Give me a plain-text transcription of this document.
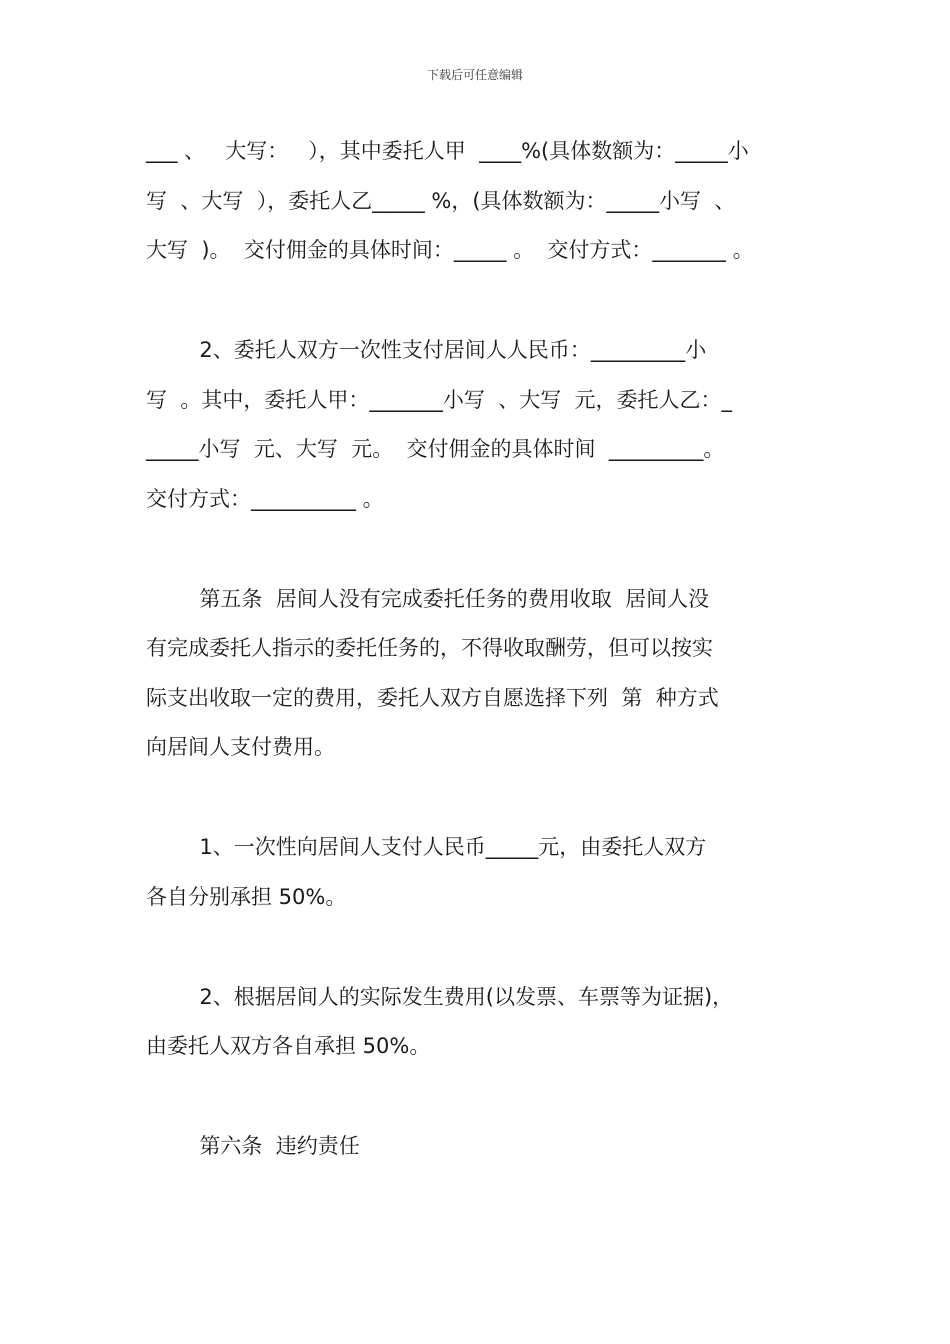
下载后可任意编辑
___ 、   大写：   ），其中委托人甲  ____%(具体数额为：_____小
写  、大写  ），委托人乙_____ %，(具体数额为：_____小写  、
大写  )。  交付佣金的具体时间：_____ 。  交付方式：_______ 。
2、委托人双方一次性支付居间人人民币：_________小
写  。其中，委托人甲：_______小写  、大写  元，委托人乙：_
_____小写  元、大写  元。  交付佣金的具体时间  _________。
交付方式：__________ 。
第五条  居间人没有完成委托任务的费用收取  居间人没
有完成委托人指示的委托任务的，不得收取酬劳，但可以按实
际支出收取一定的费用，委托人双方自愿选择下列  第  种方式
向居间人支付费用。
1、一次性向居间人支付人民币_____元，由委托人双方
各自分别承担 50%。
2、根据居间人的实际发生费用(以发票、车票等为证据)，
由委托人双方各自承担 50%。
第六条  违约责任
